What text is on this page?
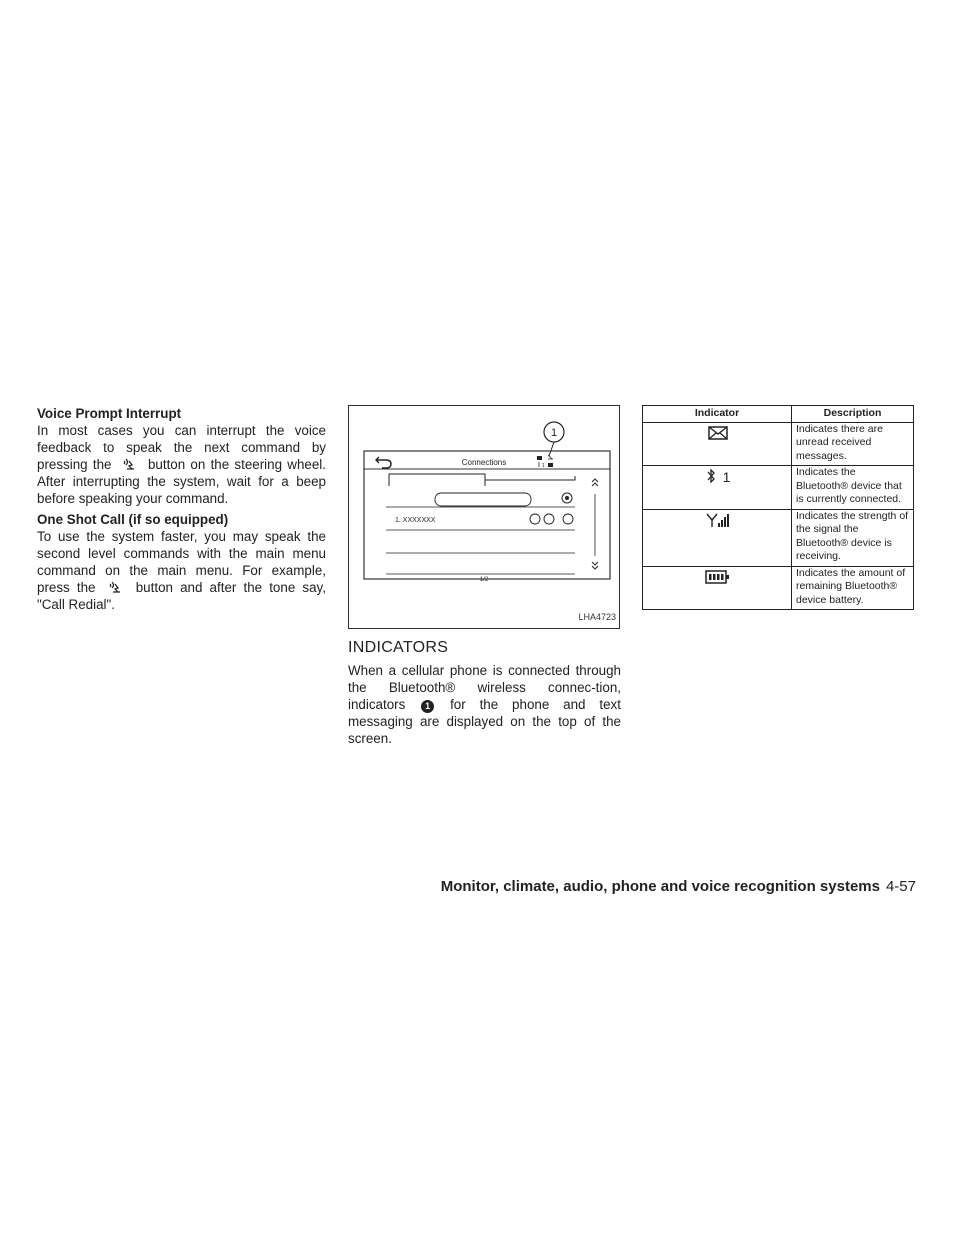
Voice Prompt Interrupt

In most cases you can interrupt the voice feedback to speak the next command by pressing the	button on the steering wheel. After interrupting the system, wait for a beep before speaking your command.

One Shot Call (if so equipped)

To use the system faster, you may speak the second level commands with the main menu command on the main menu. For example, press the	button and after the tone say, "Call Redial".

1
Connections	1
1. XXXXXXX
1/2
LHA4723
INDICATORS

When a cellular phone is connected through the Bluetooth® wireless connec-tion, indicators 1 for the phone and text messaging are displayed on the top of the screen.

Indicator	Description
	Indicates there are unread received messages.
1	Indicates the Bluetooth® device that is currently connected.
	Indicates the strength of the signal the Bluetooth® device is receiving.
	Indicates the amount of remaining Bluetooth® device battery.
Monitor, climate, audio, phone and voice recognition systems 4-57
